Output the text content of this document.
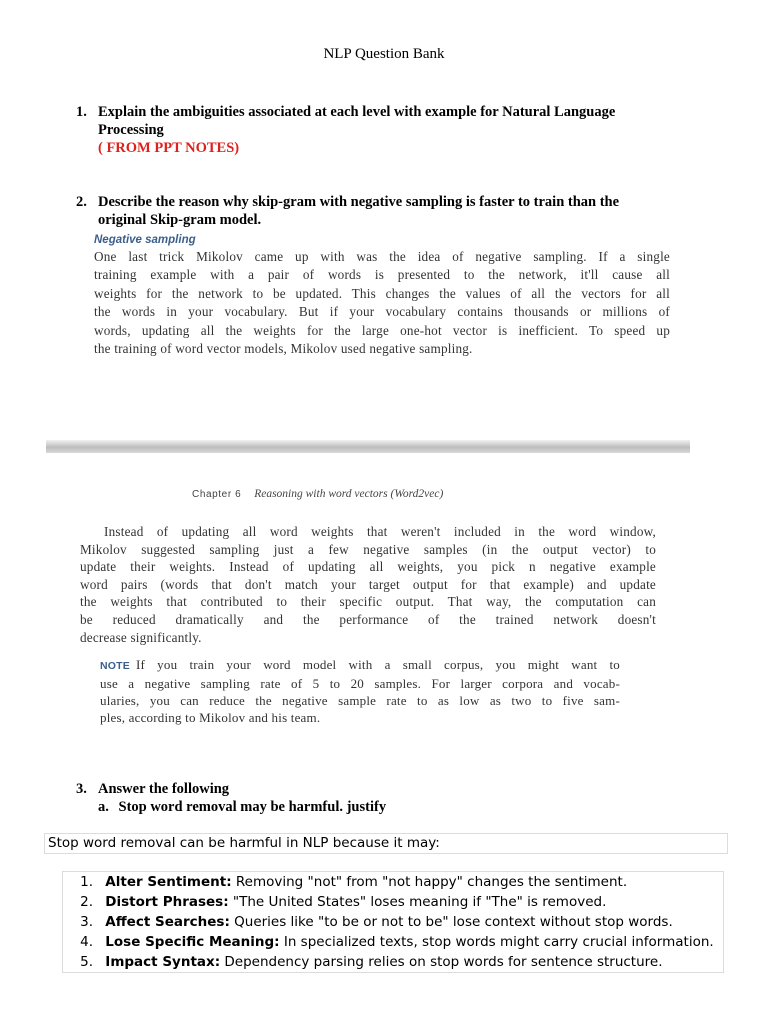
NLP Question Bank
1. Explain the ambiguities associated at each level with example for Natural Language
Processing
( FROM PPT NOTES)
2. Describe the reason why skip-gram with negative sampling is faster to train than the
original Skip-gram model.
Negative sampling
One last trick Mikolov came up with was the idea of negative sampling. If a single
training example with a pair of words is presented to the network, it'll cause all
weights for the network to be updated. This changes the values of all the vectors for all
the words in your vocabulary. But if your vocabulary contains thousands or millions of
words, updating all the weights for the large one-hot vector is inefficient. To speed up
the training of word vector models, Mikolov used negative sampling.
Chapter 6 Reasoning with word vectors (Word2vec)
Instead of updating all word weights that weren't included in the word window,
Mikolov suggested sampling just a few negative samples (in the output vector) to
update their weights. Instead of updating all weights, you pick n negative example
word pairs (words that don't match your target output for that example) and update
the weights that contributed to their specific output. That way, the computation can
be reduced dramatically and the performance of the trained network doesn't
decrease significantly.
NOTE If you train your word model with a small corpus, you might want to
use a negative sampling rate of 5 to 20 samples. For larger corpora and vocab-
ularies, you can reduce the negative sample rate to as low as two to five sam-
ples, according to Mikolov and his team.
3. Answer the following
a. Stop word removal may be harmful. justify
Stop word removal can be harmful in NLP because it may:
1. Alter Sentiment: Removing "not" from "not happy" changes the sentiment.
2. Distort Phrases: "The United States" loses meaning if "The" is removed.
3. Affect Searches: Queries like "to be or not to be" lose context without stop words.
4. Lose Specific Meaning: In specialized texts, stop words might carry crucial information.
5. Impact Syntax: Dependency parsing relies on stop words for sentence structure.
